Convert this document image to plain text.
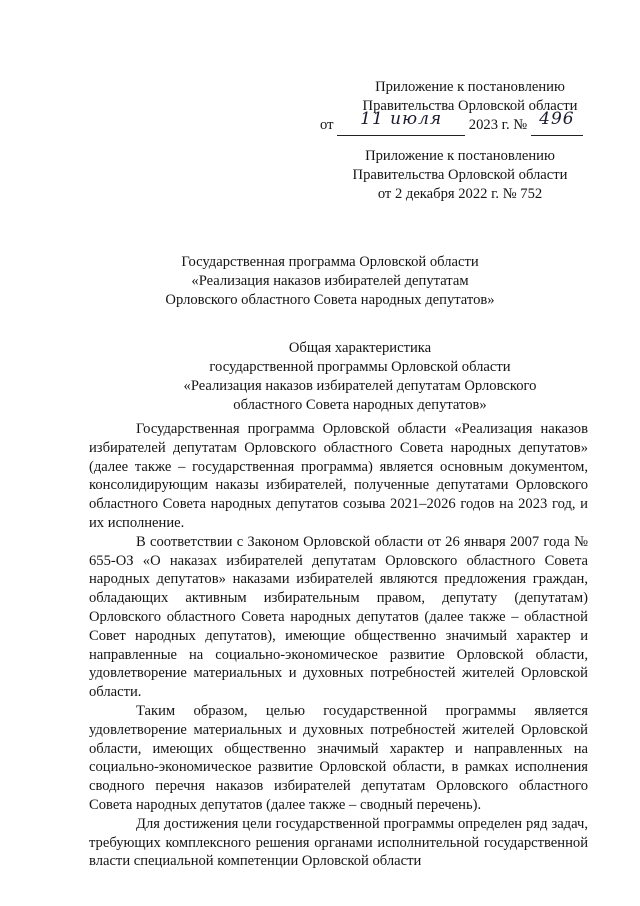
Приложение к постановлению
Правительства Орловской области
от	11 июля	2023 г. № 496

Приложение к постановлению
Правительства Орловской области
от 2 декабря 2022 г. № 752
Государственная программа Орловской области
«Реализация наказов избирателей депутатам
Орловского областного Совета народных депутатов»
Общая характеристика
государственной программы Орловской области
«Реализация наказов избирателей депутатам Орловского
областного Совета народных депутатов»

Государственная программа Орловской области «Реализация наказов избирателей депутатам Орловского областного Совета народных депутатов» (далее также – государственная программа) является основным документом, консолидирующим наказы избирателей, полученные депутатами Орловского областного Совета народных депутатов созыва 2021–2026 годов на 2023 год, и их исполнение.

В соответствии с Законом Орловской области от 26 января 2007 года № 655-ОЗ «О наказах избирателей депутатам Орловского областного Совета народных депутатов» наказами избирателей являются предложения граждан, обладающих активным избирательным правом, депутату (депутатам) Орловского областного Совета народных депутатов (далее также – областной Совет народных депутатов), имеющие общественно значимый характер и направленные на социально-экономическое развитие Орловской области, удовлетворение материальных и духовных потребностей жителей Орловской области.

Таким образом, целью государственной программы является удовлетворение материальных и духовных потребностей жителей Орловской области, имеющих общественно значимый характер и направленных на социально-экономическое развитие Орловской области, в рамках исполнения сводного перечня наказов избирателей депутатам Орловского областного Совета народных депутатов (далее также – сводный перечень).

Для достижения цели государственной программы определен ряд задач, требующих комплексного решения органами исполнительной государственной власти специальной компетенции Орловской области
